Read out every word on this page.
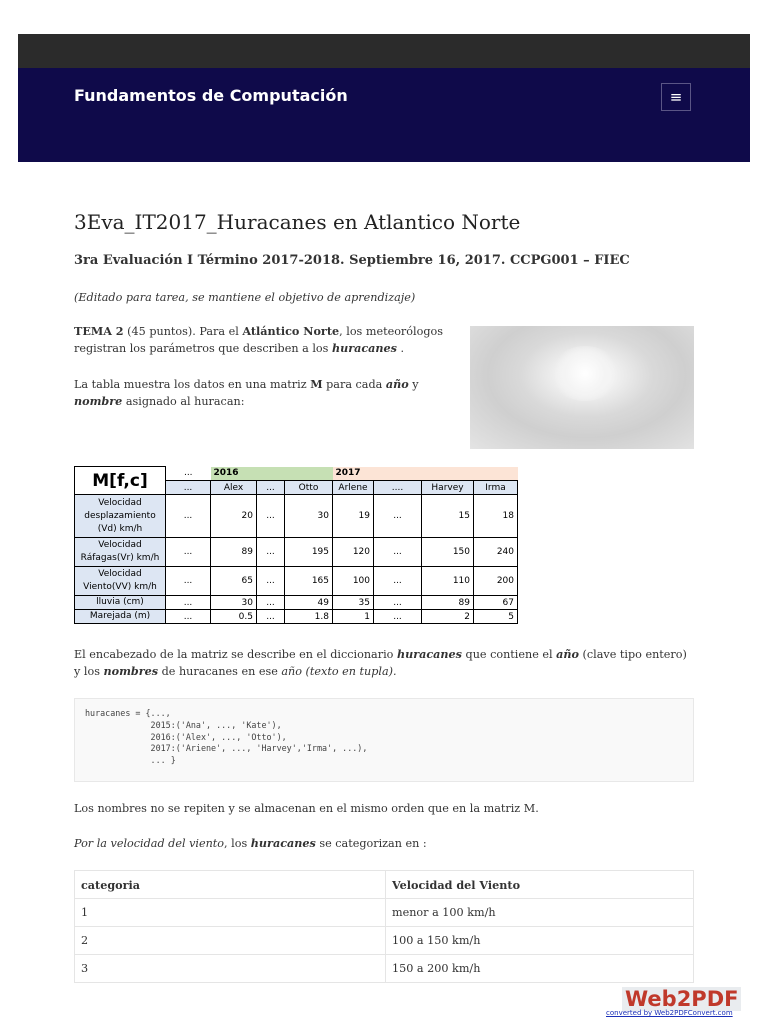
Fundamentos de Computación	≡
3Eva_IT2017_Huracanes en Atlantico Norte
3ra Evaluación I Término 2017-2018. Septiembre 16, 2017. CCPG001 – FIEC

(Editado para tarea, se mantiene el objetivo de aprendizaje)

TEMA 2 (45 puntos). Para el Atlántico Norte, los meteorólogos registran los parámetros que describen a los huracanes .

La tabla muestra los datos en una matriz M para cada año y nombre asignado al huracan:

M[f,c]	...	2016			2017			
	...	Alex	...	Otto	Arlene	....	Harvey	Irma
Velocidad desplazamiento (Vd) km/h	...	20	...	30	19	...	15	18
Velocidad Ráfagas(Vr) km/h	...	89	...	195	120	...	150	240
Velocidad Viento(VV) km/h	...	65	...	165	100	...	110	200
lluvia (cm)	...	30	...	49	35	...	89	67
Marejada (m)	...	0.5	...	1.8	1	...	2	5
huracanes = {...,
2015:('Ana', ..., 'Kate'),
2016:('Alex', ..., 'Otto'),
2017:('Ariene', ..., 'Harvey','Irma', ...),
... }

El encabezado de la matriz se describe en el diccionario huracanes que contiene el año (clave tipo entero) y los nombres de huracanes en ese año (texto en tupla).

Los nombres no se repiten y se almacenan en el mismo orden que en la matriz M.

Por la velocidad del viento, los huracanes se categorizan en :

categoria	Velocidad del Viento
1	menor a 100 km/h
2	100 a 150 km/h
3	150 a 200 km/h
Web2PDF
converted by Web2PDFConvert.com
